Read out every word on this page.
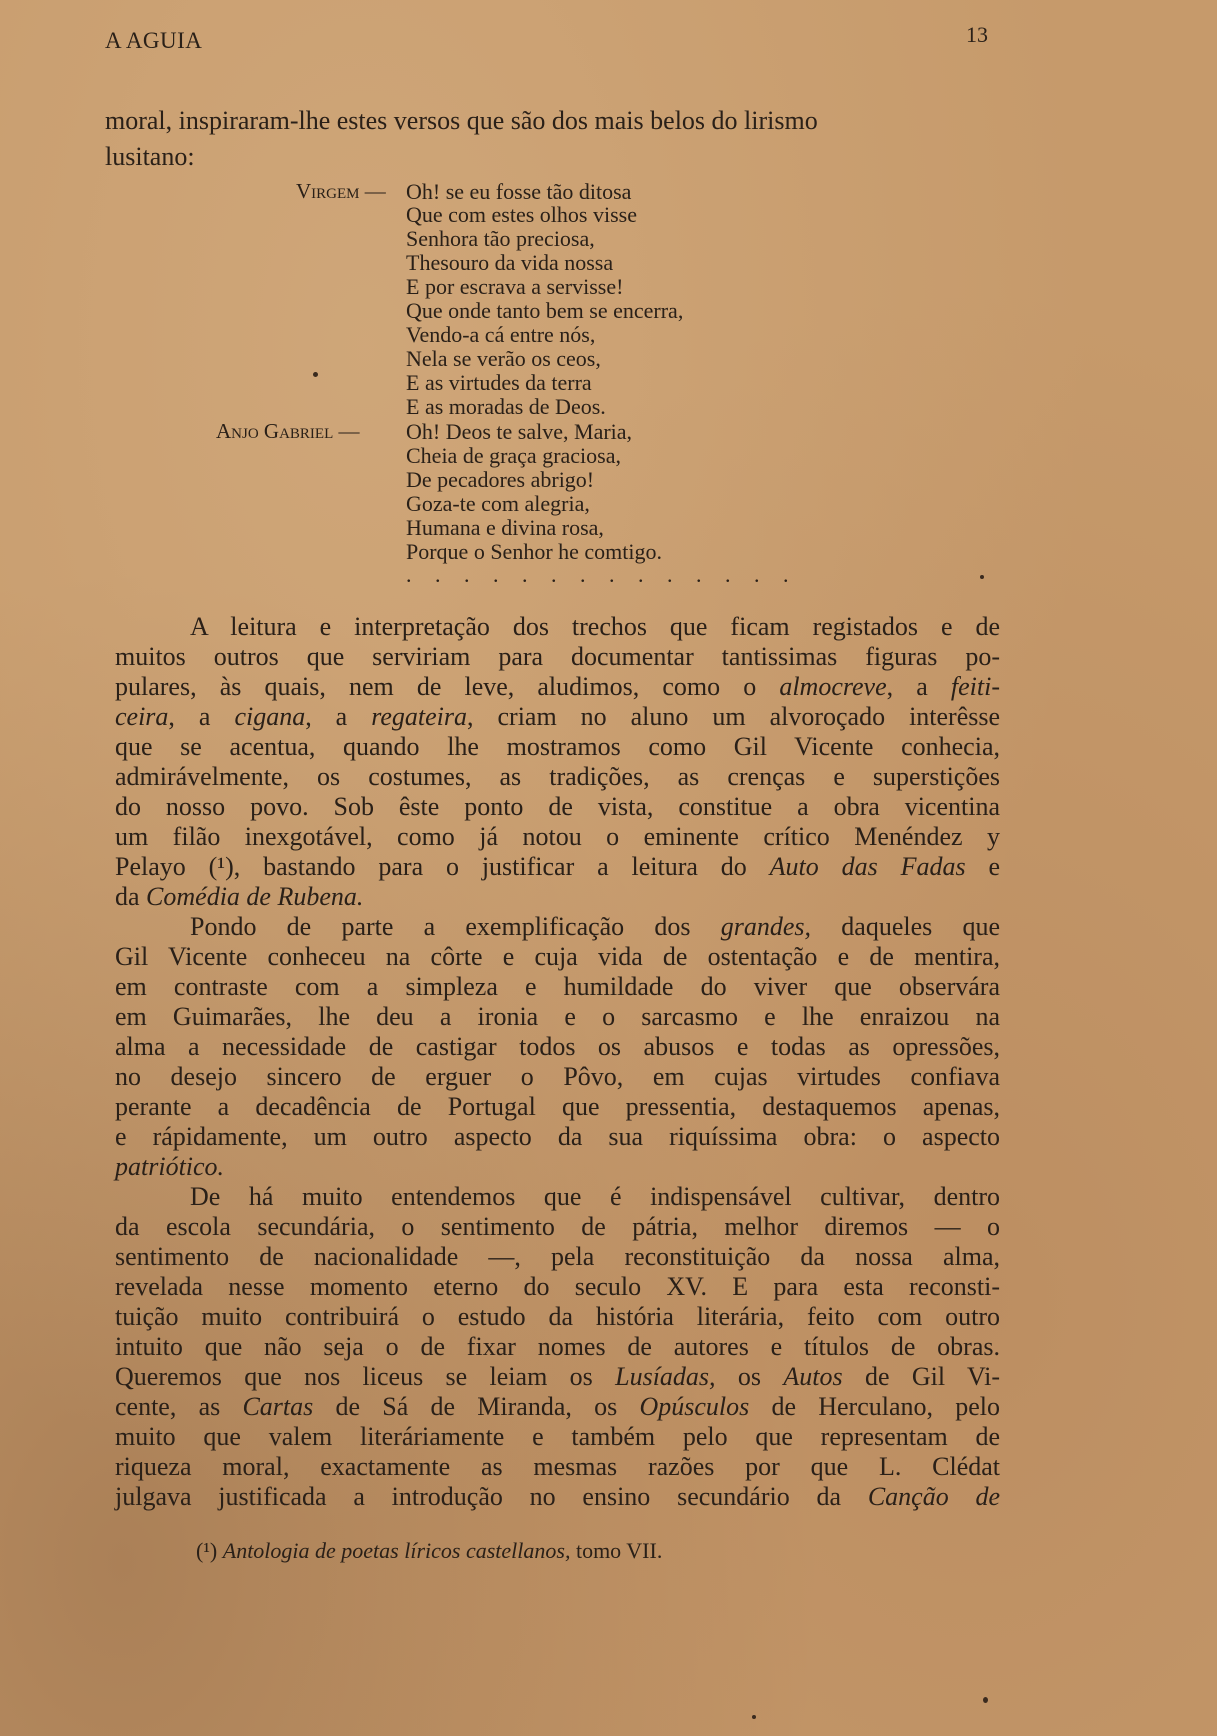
A AGUIA	13
moral, inspiraram-lhe estes versos que são dos mais belos do lirismo
lusitano:
Virgem — Oh! se eu fosse tão ditosa
Que com estes olhos visse
Senhora tão preciosa,
Thesouro da vida nossa
E por escrava a servisse!
Que onde tanto bem se encerra,
Vendo-a cá entre nós,
Nela se verão os ceos,
E as virtudes da terra
E as moradas de Deos.
Anjo Gabriel — Oh! Deos te salve, Maria,
Cheia de graça graciosa,
De pecadores abrigo!
Goza-te com alegria,
Humana e divina rosa,
Porque o Senhor he comtigo.
. . . . . . . . . . . . . .
A leitura e interpretação dos trechos que ficam registados e de
muitos outros que serviriam para documentar tantissimas figuras po-
pulares, às quais, nem de leve, aludimos, como o almocreve, a feiti-
ceira, a cigana, a regateira, criam no aluno um alvoroçado interêsse
que se acentua, quando lhe mostramos como Gil Vicente conhecia,
admirávelmente, os costumes, as tradições, as crenças e superstições
do nosso povo. Sob êste ponto de vista, constitue a obra vicentina
um filão inexgotável, como já notou o eminente crítico Menéndez y
Pelayo (¹), bastando para o justificar a leitura do Auto das Fadas e
da Comédia de Rubena.
Pondo de parte a exemplificação dos grandes, daqueles que
Gil Vicente conheceu na côrte e cuja vida de ostentação e de mentira,
em contraste com a simpleza e humildade do viver que observára
em Guimarães, lhe deu a ironia e o sarcasmo e lhe enraizou na
alma a necessidade de castigar todos os abusos e todas as opressões,
no desejo sincero de erguer o Pôvo, em cujas virtudes confiava
perante a decadência de Portugal que pressentia, destaquemos apenas,
e rápidamente, um outro aspecto da sua riquíssima obra: o aspecto
patriótico.
De há muito entendemos que é indispensável cultivar, dentro
da escola secundária, o sentimento de pátria, melhor diremos — o
sentimento de nacionalidade —, pela reconstituição da nossa alma,
revelada nesse momento eterno do seculo XV. E para esta reconsti-
tuição muito contribuirá o estudo da história literária, feito com outro
intuito que não seja o de fixar nomes de autores e títulos de obras.
Queremos que nos liceus se leiam os Lusíadas, os Autos de Gil Vi-
cente, as Cartas de Sá de Miranda, os Opúsculos de Herculano, pelo
muito que valem literáriamente e também pelo que representam de
riqueza moral, exactamente as mesmas razões por que L. Clédat
julgava justificada a introdução no ensino secundário da Canção de
(¹) Antologia de poetas líricos castellanos, tomo VII.
